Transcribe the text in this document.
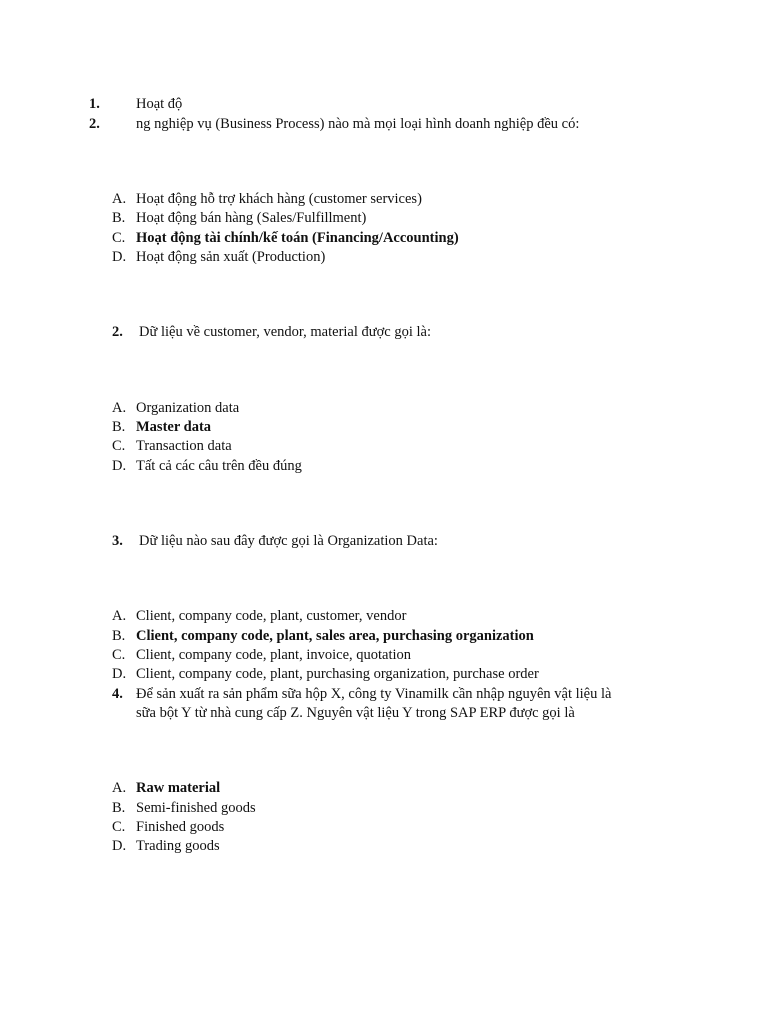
1.	Hoạt độ
2.	ng nghiệp vụ (Business Process) nào mà mọi loại hình doanh nghiệp đều có:
A. Hoạt động hỗ trợ khách hàng (customer services)
B. Hoạt động bán hàng (Sales/Fulfillment)
C. Hoạt động tài chính/kế toán (Financing/Accounting)
D. Hoạt động sản xuất (Production)
2.	Dữ liệu về customer, vendor, material được gọi là:
A. Organization data
B. Master data
C. Transaction data
D. Tất cả các câu trên đều đúng
3.	Dữ liệu nào sau đây được gọi là Organization Data:
A. Client, company code, plant, customer, vendor
B. Client, company code, plant, sales area, purchasing organization
C. Client, company code, plant, invoice, quotation
D. Client, company code, plant, purchasing organization, purchase order
4. Để sản xuất ra sản phẩm sữa hộp X, công ty Vinamilk cần nhập nguyên vật liệu là
sữa bột Y từ nhà cung cấp Z. Nguyên vật liệu Y trong SAP ERP được gọi là
A. Raw material
B. Semi-finished goods
C. Finished goods
D. Trading goods
